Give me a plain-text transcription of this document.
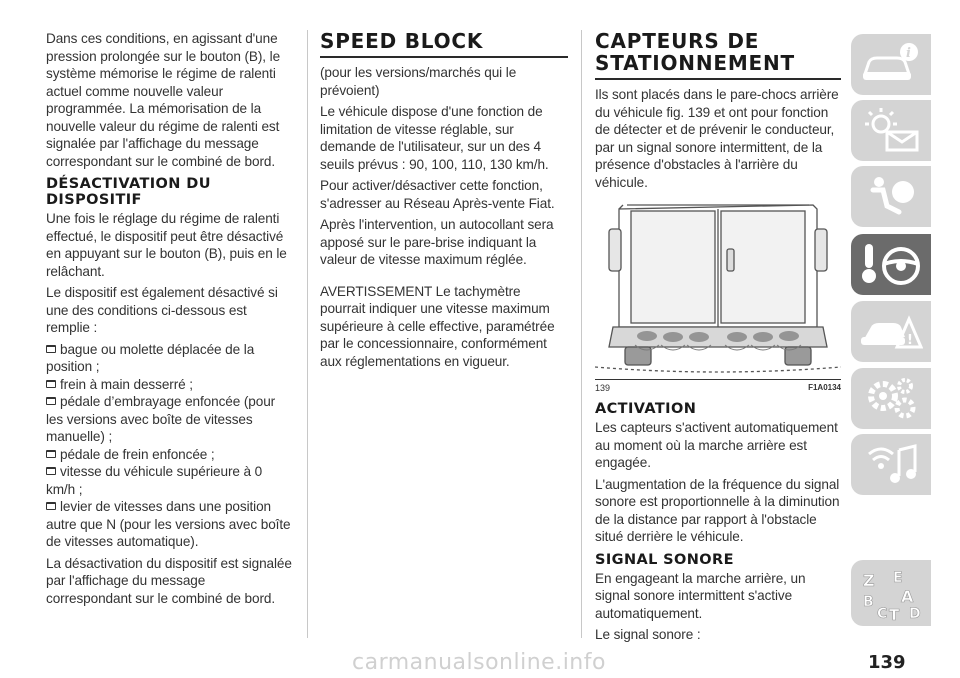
Dans ces conditions, en agissant d'une pression prolongée sur le bouton (B), le système mémorise le régime de ralenti actuel comme nouvelle valeur programmée. La mémorisation de la nouvelle valeur du régime de ralenti est signalée par l'affichage du message correspondant sur le combiné de bord.

DÉSACTIVATION DU DISPOSITIF

Une fois le réglage du régime de ralenti effectué, le dispositif peut être désactivé en appuyant sur le bouton (B), puis en le relâchant.

Le dispositif est également désactivé si une des conditions ci-dessous est remplie :

bague ou molette déplacée de la position ;

frein à main desserré ;

pédale d’embrayage enfoncée (pour les versions avec boîte de vitesses manuelle) ;

pédale de frein enfoncée ;

vitesse du véhicule supérieure à 0 km/h ;

levier de vitesses dans une position autre que N (pour les versions avec boîte de vitesses automatique).

La désactivation du dispositif est signalée par l'affichage du message correspondant sur le combiné de bord.

SPEED BLOCK

(pour les versions/marchés qui le prévoient)

Le véhicule dispose d'une fonction de limitation de vitesse réglable, sur demande de l'utilisateur, sur un des 4 seuils prévus : 90, 100, 110, 130 km/h.

Pour activer/désactiver cette fonction, s'adresser au Réseau Après-vente Fiat.

Après l'intervention, un autocollant sera apposé sur le pare-brise indiquant la valeur de vitesse maximum réglée.

AVERTISSEMENT Le tachymètre pourrait indiquer une vitesse maximum supérieure à celle effective, paramétrée par le concessionnaire, conformément aux réglementations en vigueur.

CAPTEURS DE STATIONNEMENT

Ils sont placés dans le pare-chocs arrière du véhicule fig. 139 et ont pour fonction de détecter et de prévenir le conducteur, par un signal sonore intermittent, de la présence d'obstacles à l'arrière du véhicule.

139	F1A0134
ACTIVATION

Les capteurs s'activent automatiquement au moment où la marche arrière est engagée.

L'augmentation de la fréquence du signal sonore est proportionnelle à la diminution de la distance par rapport à l'obstacle situé derrière le véhicule.

SIGNAL SONORE

En engageant la marche arrière, un signal sonore intermittent s'active automatiquement.

Le signal sonore :

i
!
Z E
B A
C T D
carmanualsonline.info	139
